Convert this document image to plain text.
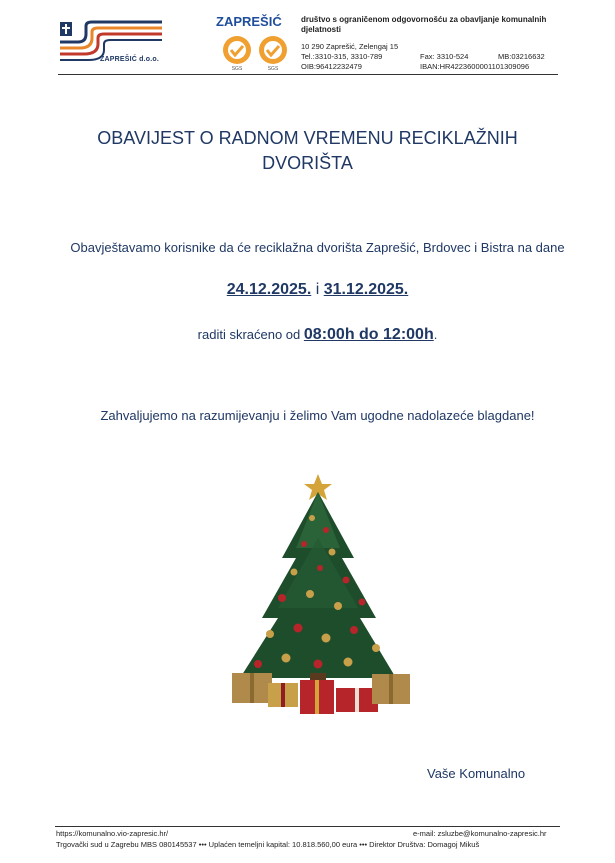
ZAPREŠIĆ d.o.o.
ZAPREŠIĆ
SGS	SGS
društvo s ograničenom odgovornošću za obavljanje komunalnih djelatnosti
10 290 Zaprešić, Zelengaj 15
Tel.:3310-315, 3310-789	Fax: 3310-524	MB:03216632
OIB:96412232479	IBAN:HR4223600001101309096
OBAVIJEST O RADNOM VREMENU RECIKLAŽNIH DVORIŠTA
Obavještavamo korisnike da će reciklažna dvorišta Zaprešić, Brdovec i Bistra na dane
24.12.2025. i 31.12.2025.
raditi skraćeno od 08:00h do 12:00h.
Zahvaljujemo na razumijevanju i želimo Vam ugodne nadolazeće blagdane!
Vaše Komunalno
https://komunalno.vio-zapresic.hr/	e-mail: zsluzbe@komunalno-zapresic.hr
Trgovački sud u Zagrebu MBS 080145537 ••• Uplaćen temeljni kapital: 10.818.560,00 eura ••• Direktor Društva: Domagoj Mikuš
